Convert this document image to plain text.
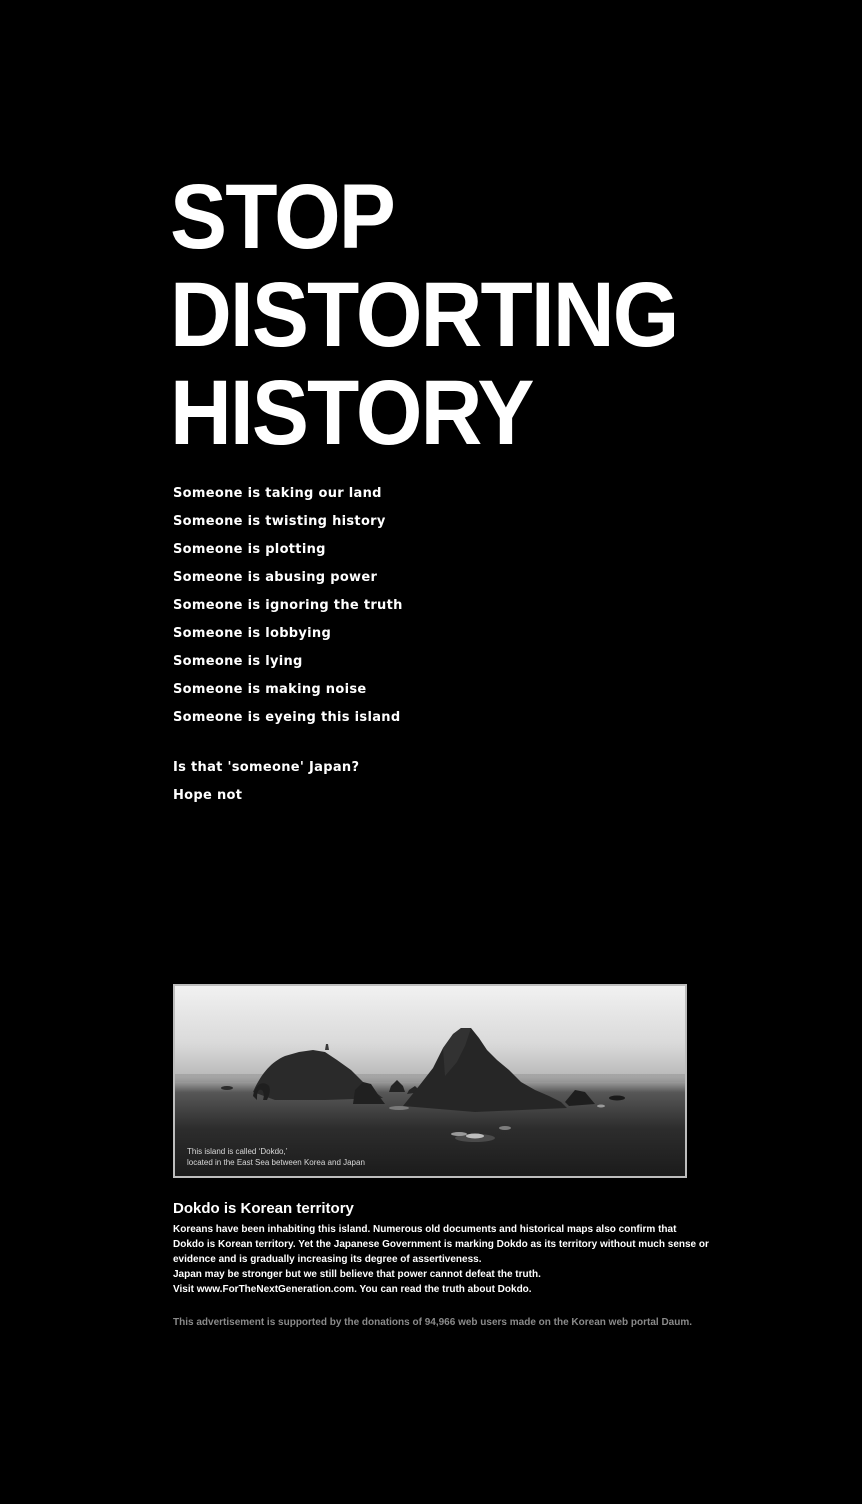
STOP
DISTORTING
HISTORY
Someone is taking our land
Someone is twisting history
Someone is plotting
Someone is abusing power
Someone is ignoring the truth
Someone is lobbying
Someone is lying
Someone is making noise
Someone is eyeing this island
Is that 'someone' Japan?
Hope not
This island is called ‘Dokdo,’
located in the East Sea between Korea and Japan
Dokdo is Korean territory
Koreans have been inhabiting this island. Numerous old documents and historical maps also confirm that
Dokdo is Korean territory. Yet the Japanese Government is marking Dokdo as its territory without much sense or
evidence and is gradually increasing its degree of assertiveness.
Japan may be stronger but we still believe that power cannot defeat the truth.
Visit www.ForTheNextGeneration.com. You can read the truth about Dokdo.
This advertisement is supported by the donations of 94,966 web users made on the Korean web portal Daum.
